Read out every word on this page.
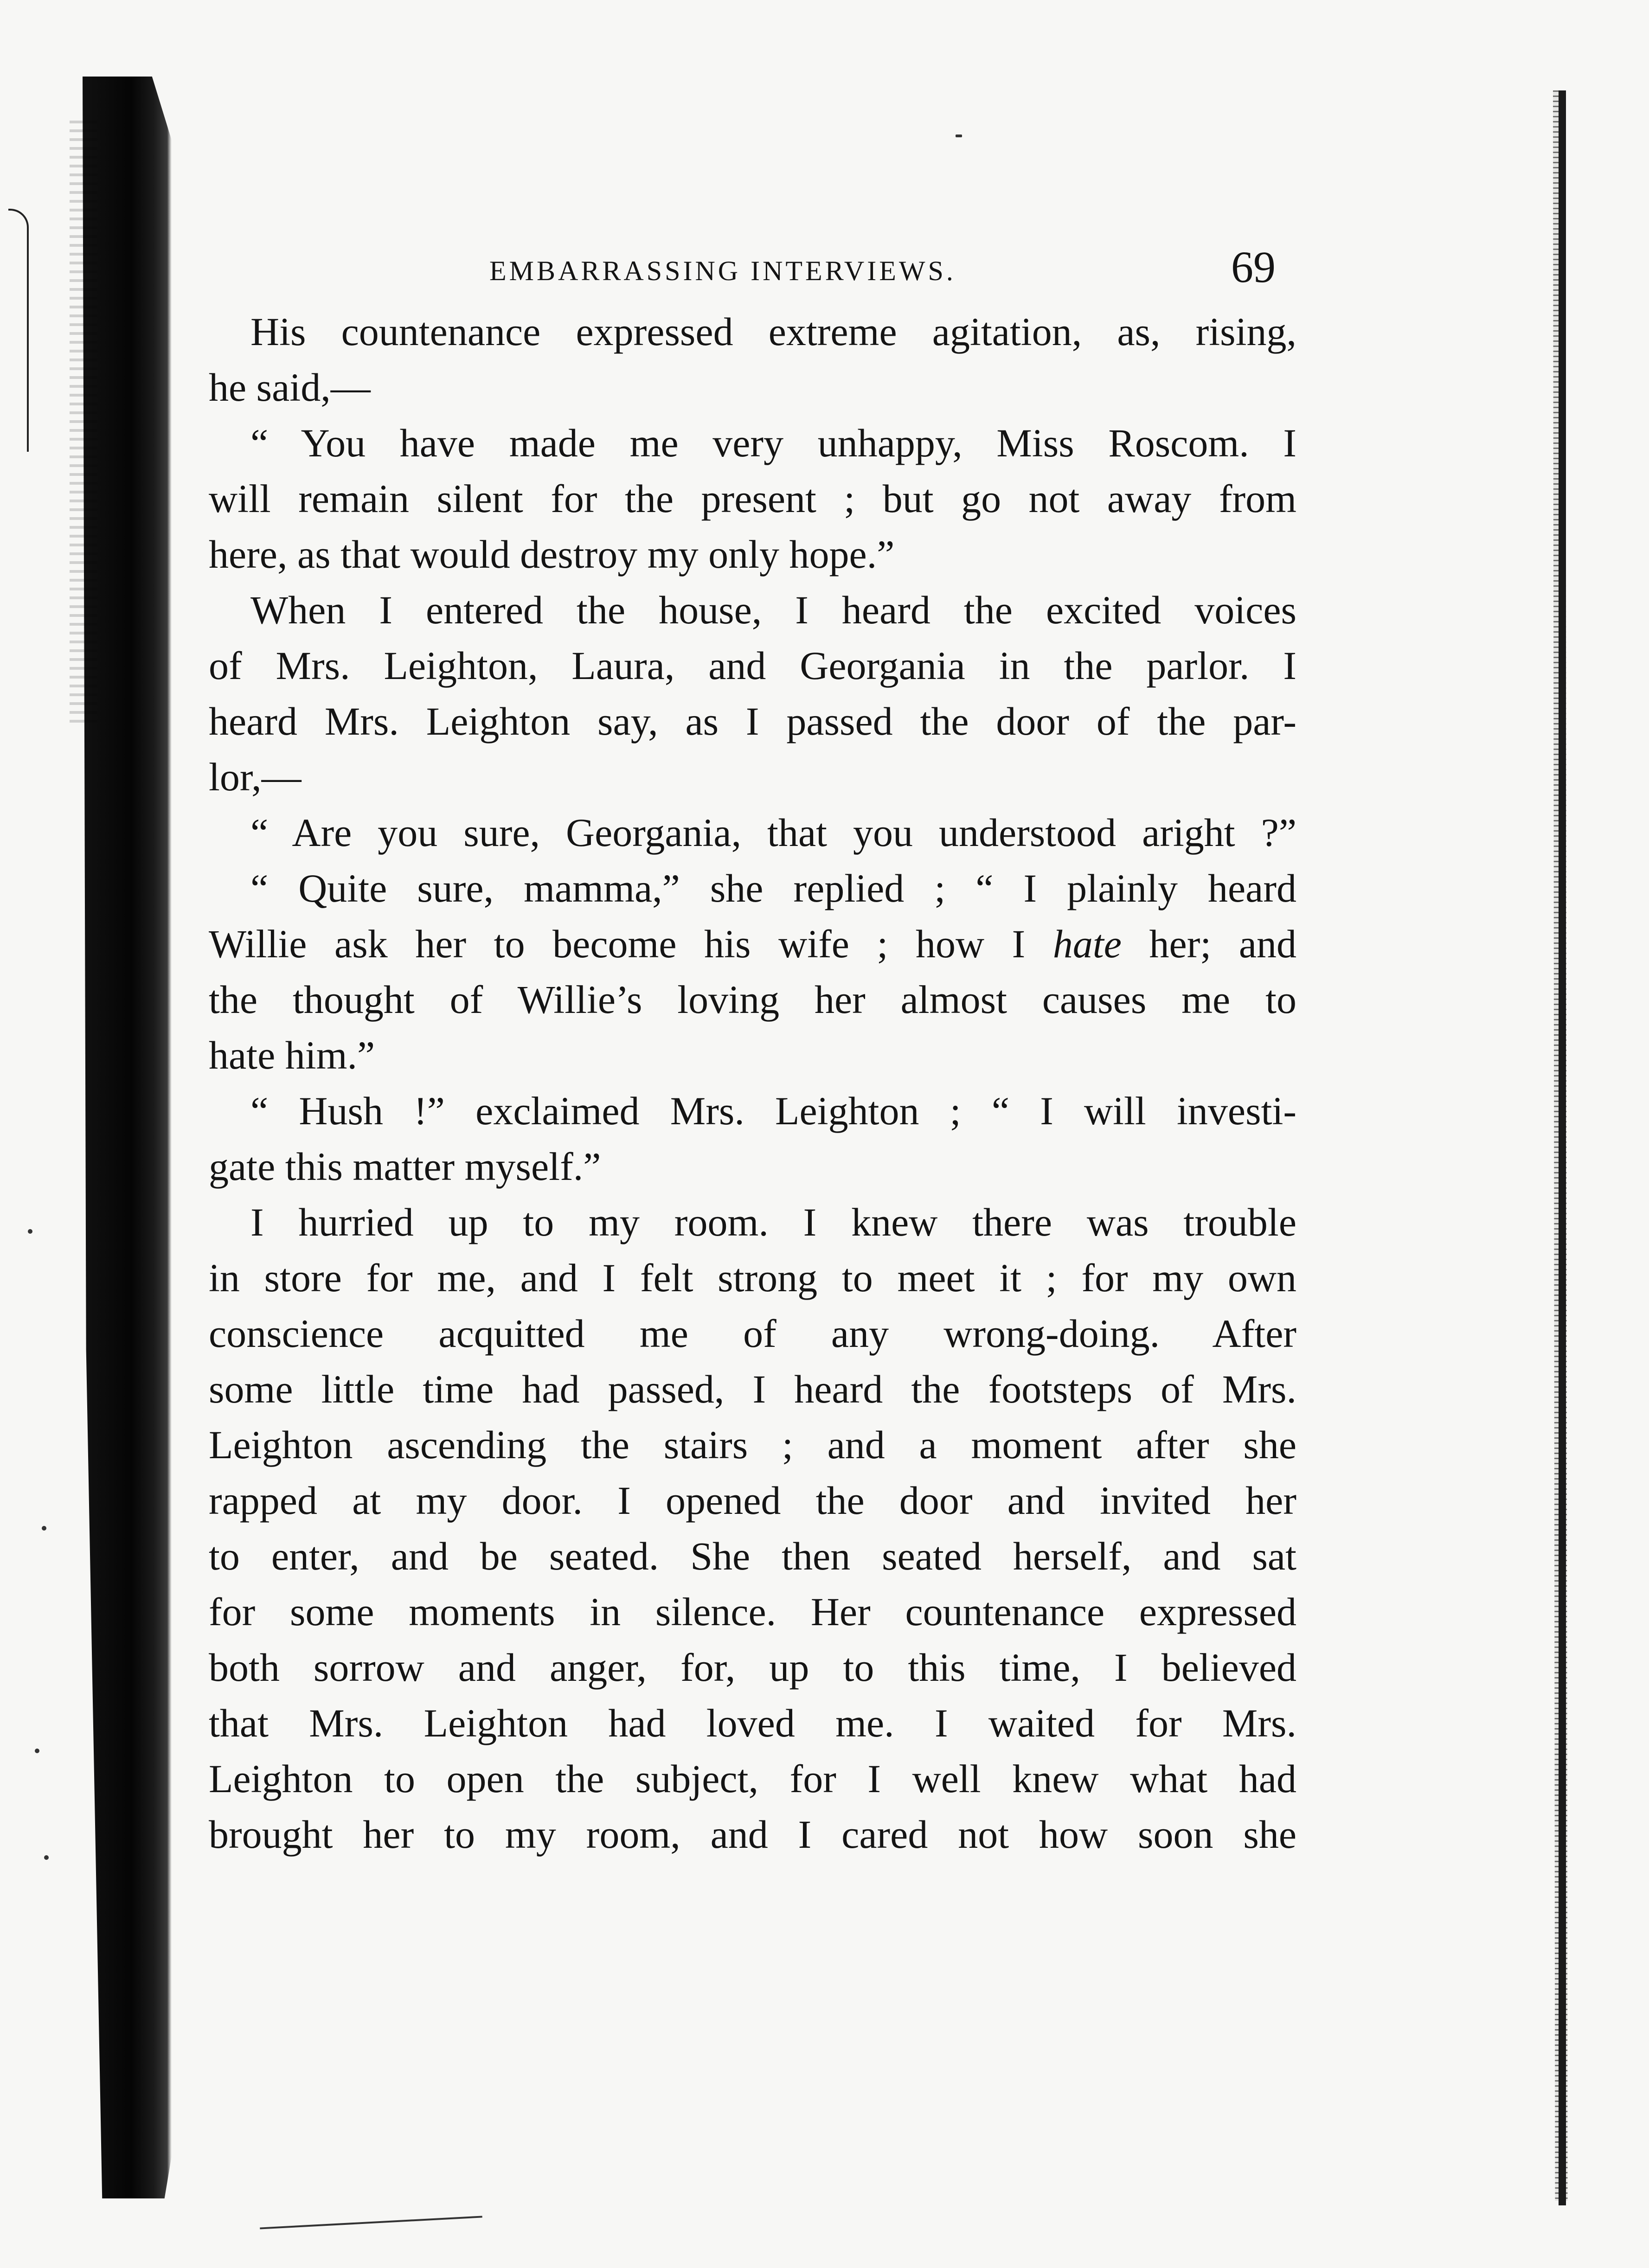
EMBARRASSING INTERVIEWS.	69
His countenance expressed extreme agitation, as, rising,
he said,—
“ You have made me very unhappy, Miss Roscom. I
will remain silent for the present ; but go not away from
here, as that would destroy my only hope.”
When I entered the house, I heard the excited voices
of Mrs. Leighton, Laura, and Georgania in the parlor. I
heard Mrs. Leighton say, as I passed the door of the par-
lor,—
“ Are you sure, Georgania, that you understood aright ?”
“ Quite sure, mamma,” she replied ; “ I plainly heard
Willie ask her to become his wife ; how I hate her; and
the thought of Willie’s loving her almost causes me to
hate him.”
“ Hush !” exclaimed Mrs. Leighton ; “ I will investi-
gate this matter myself.”
I hurried up to my room. I knew there was trouble
in store for me, and I felt strong to meet it ; for my own
conscience acquitted me of any wrong-doing. After
some little time had passed, I heard the footsteps of Mrs.
Leighton ascending the stairs ; and a moment after she
rapped at my door. I opened the door and invited her
to enter, and be seated. She then seated herself, and sat
for some moments in silence. Her countenance expressed
both sorrow and anger, for, up to this time, I believed
that Mrs. Leighton had loved me. I waited for Mrs.
Leighton to open the subject, for I well knew what had
brought her to my room, and I cared not how soon she
